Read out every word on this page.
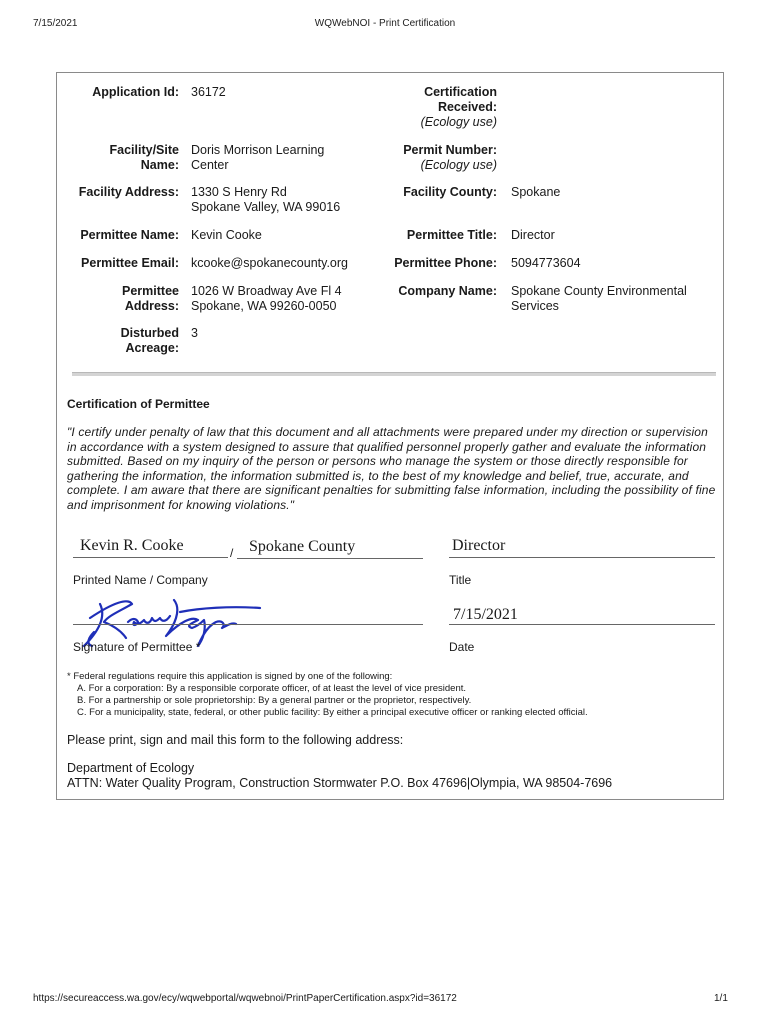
7/15/2021	WQWebNOI - Print Certification
Application Id: 36172	Certification
Received:
(Ecology use)
Facility/Site
Name:
Doris Morrison Learning
Center
Permit Number:
(Ecology use)
Facility Address: 1330 S Henry Rd
Spokane Valley, WA 99016
Facility County: Spokane
Permittee Name: Kevin Cooke	Permittee Title: Director
Permittee Email: kcooke@spokanecounty.org	Permittee Phone: 5094773604
Permittee
Address:
1026 W Broadway Ave Fl 4
Spokane, WA 99260-0050
Company Name: Spokane County Environmental
Services
Disturbed
Acreage:
3
Certification of Permittee
"I certify under penalty of law that this document and all attachments were prepared under my direction or supervision in accordance with a system designed to assure that qualified personnel properly gather and evaluate the information submitted. Based on my inquiry of the person or persons who manage the system or those directly responsible for gathering the information, the information submitted is, to the best of my knowledge and belief, true, accurate, and complete. I am aware that there are significant penalties for submitting false information, including the possibility of fine and imprisonment for knowing violations."
Kevin R. Cooke	/ Spokane County
Printed Name / Company
Director
Title
Signature of Permittee *
7/15/2021
Date
* Federal regulations require this application is signed by one of the following:
A. For a corporation: By a responsible corporate officer, of at least the level of vice president.
B. For a partnership or sole proprietorship: By a general partner or the proprietor, respectively.
C. For a municipality, state, federal, or other public facility: By either a principal executive officer or ranking elected official.
Please print, sign and mail this form to the following address:
Department of Ecology
ATTN: Water Quality Program, Construction Stormwater P.O. Box 47696|Olympia, WA 98504-7696
https://secureaccess.wa.gov/ecy/wqwebportal/wqwebnoi/PrintPaperCertification.aspx?id=36172	1/1
